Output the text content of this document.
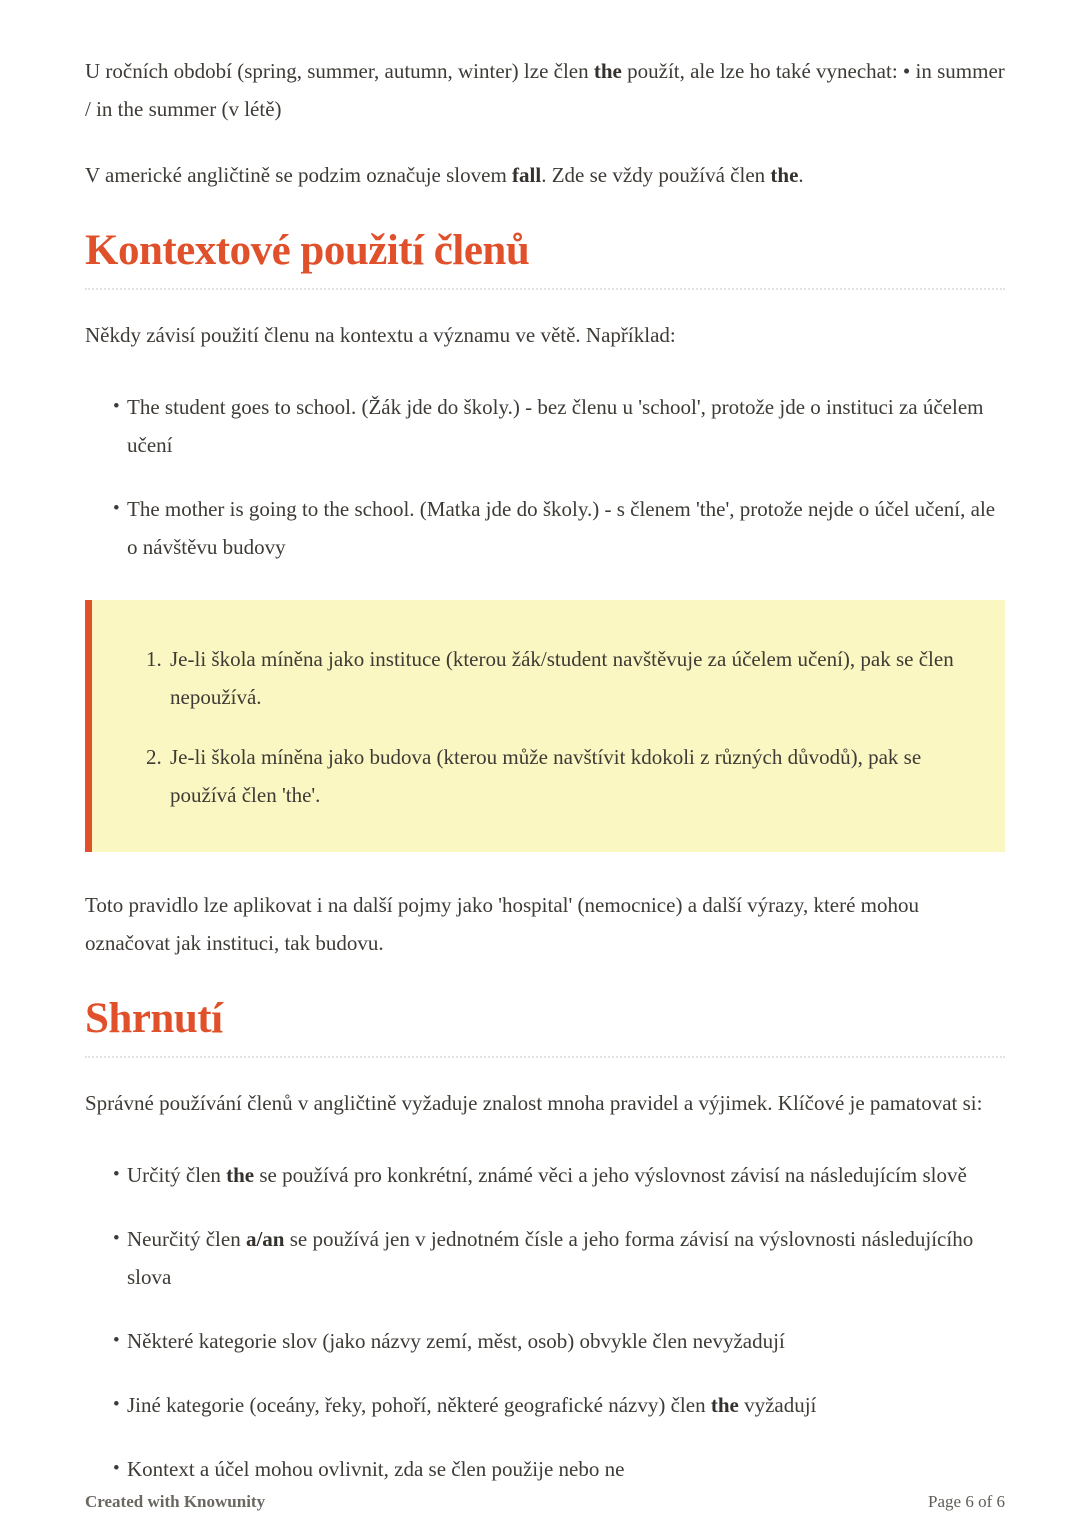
U ročních období (spring, summer, autumn, winter) lze člen the použít, ale lze ho také vynechat: • in summer / in the summer (v létě)

V americké angličtině se podzim označuje slovem fall. Zde se vždy používá člen the.

Kontextové použití členů

Někdy závisí použití členu na kontextu a významu ve větě. Například:

• The student goes to school. (Žák jde do školy.) - bez členu u 'school', protože jde o instituci za účelem učení
• The mother is going to the school. (Matka jde do školy.) - s členem 'the', protože nejde o účel učení, ale o návštěvu budovy
Je-li škola míněna jako instituce (kterou žák/student navštěvuje za účelem učení), pak se člen nepoužívá.
Je-li škola míněna jako budova (kterou může navštívit kdokoli z různých důvodů), pak se používá člen 'the'.

Toto pravidlo lze aplikovat i na další pojmy jako 'hospital' (nemocnice) a další výrazy, které mohou označovat jak instituci, tak budovu.

Shrnutí

Správné používání členů v angličtině vyžaduje znalost mnoha pravidel a výjimek. Klíčové je pamatovat si:

• Určitý člen the se používá pro konkrétní, známé věci a jeho výslovnost závisí na následujícím slově
• Neurčitý člen a/an se používá jen v jednotném čísle a jeho forma závisí na výslovnosti následujícího slova
• Některé kategorie slov (jako názvy zemí, měst, osob) obvykle člen nevyžadují
• Jiné kategorie (oceány, řeky, pohoří, některé geografické názvy) člen the vyžadují
• Kontext a účel mohou ovlivnit, zda se člen použije nebo ne
Created with Knowunity	Page 6 of 6
